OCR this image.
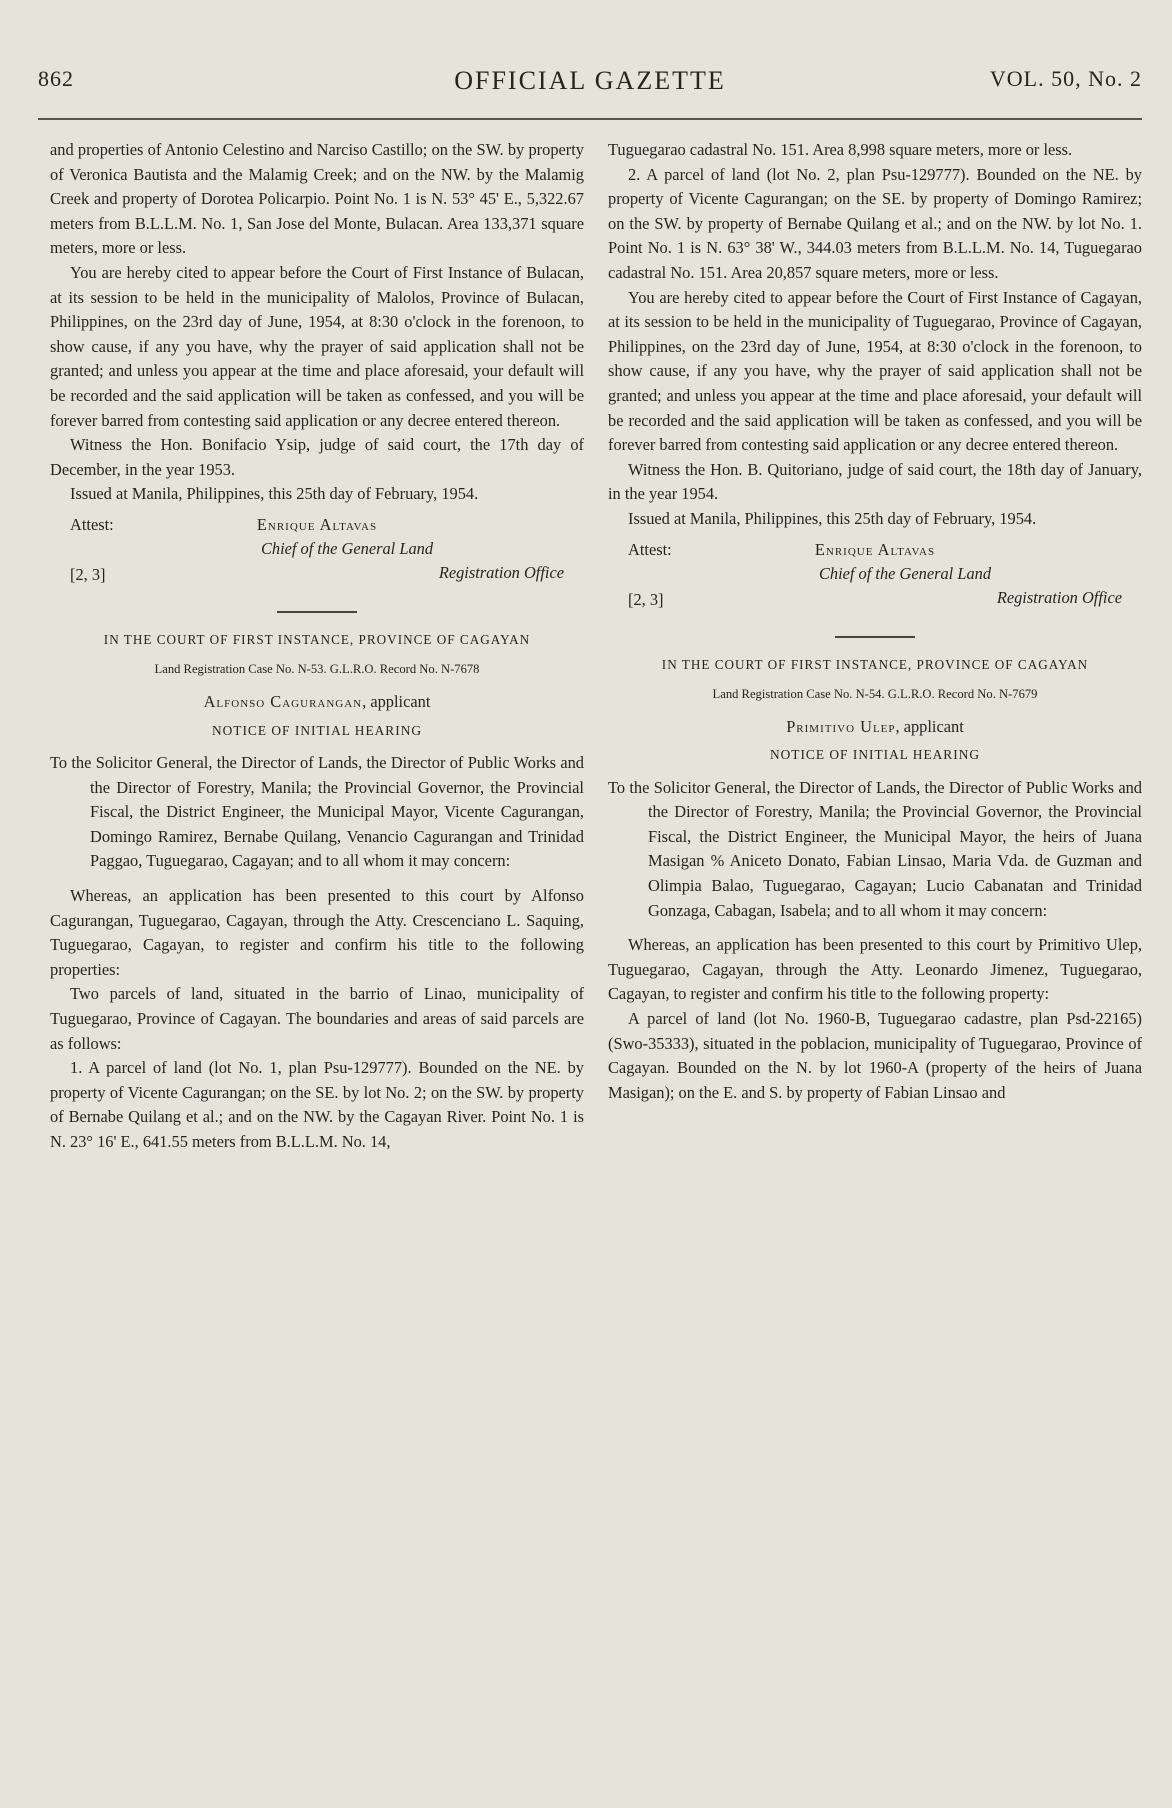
862	OFFICIAL GAZETTE	VOL. 50, No. 2

and properties of Antonio Celestino and Narciso Castillo; on the SW. by property of Veronica Bautista and the Malamig Creek; and on the NW. by the Malamig Creek and property of Dorotea Policarpio. Point No. 1 is N. 53° 45' E., 5,322.67 meters from B.L.L.M. No. 1, San Jose del Monte, Bulacan. Area 133,371 square meters, more or less.

You are hereby cited to appear before the Court of First Instance of Bulacan, at its session to be held in the municipality of Malolos, Province of Bulacan, Philippines, on the 23rd day of June, 1954, at 8:30 o'clock in the forenoon, to show cause, if any you have, why the prayer of said application shall not be granted; and unless you appear at the time and place aforesaid, your default will be recorded and the said application will be taken as confessed, and you will be forever barred from contesting said application or any decree entered thereon.

Witness the Hon. Bonifacio Ysip, judge of said court, the 17th day of December, in the year 1953.

Issued at Manila, Philippines, this 25th day of February, 1954.

Attest:	Enrique Altavas
Chief of the General Land
[2, 3]	Registration Office
IN THE COURT OF FIRST INSTANCE, PROVINCE OF CAGAYAN
Land Registration Case No. N-53. G.L.R.O. Record No. N-7678
Alfonso Cagurangan, applicant
NOTICE OF INITIAL HEARING

To the Solicitor General, the Director of Lands, the Director of Public Works and the Director of Forestry, Manila; the Provincial Governor, the Provincial Fiscal, the District Engineer, the Municipal Mayor, Vicente Cagurangan, Domingo Ramirez, Bernabe Quilang, Venancio Cagurangan and Trinidad Paggao, Tuguegarao, Cagayan; and to all whom it may concern:

Whereas, an application has been presented to this court by Alfonso Cagurangan, Tuguegarao, Cagayan, through the Atty. Crescenciano L. Saquing, Tuguegarao, Cagayan, to register and confirm his title to the following properties:

Two parcels of land, situated in the barrio of Linao, municipality of Tuguegarao, Province of Cagayan. The boundaries and areas of said parcels are as follows:

1. A parcel of land (lot No. 1, plan Psu-129777). Bounded on the NE. by property of Vicente Cagurangan; on the SE. by lot No. 2; on the SW. by property of Bernabe Quilang et al.; and on the NW. by the Cagayan River. Point No. 1 is N. 23° 16' E., 641.55 meters from B.L.L.M. No. 14,

Tuguegarao cadastral No. 151. Area 8,998 square meters, more or less.

2. A parcel of land (lot No. 2, plan Psu-129777). Bounded on the NE. by property of Vicente Cagurangan; on the SE. by property of Domingo Ramirez; on the SW. by property of Bernabe Quilang et al.; and on the NW. by lot No. 1. Point No. 1 is N. 63° 38' W., 344.03 meters from B.L.L.M. No. 14, Tuguegarao cadastral No. 151. Area 20,857 square meters, more or less.

You are hereby cited to appear before the Court of First Instance of Cagayan, at its session to be held in the municipality of Tuguegarao, Province of Cagayan, Philippines, on the 23rd day of June, 1954, at 8:30 o'clock in the forenoon, to show cause, if any you have, why the prayer of said application shall not be granted; and unless you appear at the time and place aforesaid, your default will be recorded and the said application will be taken as confessed, and you will be forever barred from contesting said application or any decree entered thereon.

Witness the Hon. B. Quitoriano, judge of said court, the 18th day of January, in the year 1954.

Issued at Manila, Philippines, this 25th day of February, 1954.

Attest:	Enrique Altavas
Chief of the General Land
[2, 3]	Registration Office
IN THE COURT OF FIRST INSTANCE, PROVINCE OF CAGAYAN
Land Registration Case No. N-54. G.L.R.O. Record No. N-7679
Primitivo Ulep, applicant
NOTICE OF INITIAL HEARING

To the Solicitor General, the Director of Lands, the Director of Public Works and the Director of Forestry, Manila; the Provincial Governor, the Provincial Fiscal, the District Engineer, the Municipal Mayor, the heirs of Juana Masigan % Aniceto Donato, Fabian Linsao, Maria Vda. de Guzman and Olimpia Balao, Tuguegarao, Cagayan; Lucio Cabanatan and Trinidad Gonzaga, Cabagan, Isabela; and to all whom it may concern:

Whereas, an application has been presented to this court by Primitivo Ulep, Tuguegarao, Cagayan, through the Atty. Leonardo Jimenez, Tuguegarao, Cagayan, to register and confirm his title to the following property:

A parcel of land (lot No. 1960-B, Tuguegarao cadastre, plan Psd-22165) (Swo-35333), situated in the poblacion, municipality of Tuguegarao, Province of Cagayan. Bounded on the N. by lot 1960-A (property of the heirs of Juana Masigan); on the E. and S. by property of Fabian Linsao and
